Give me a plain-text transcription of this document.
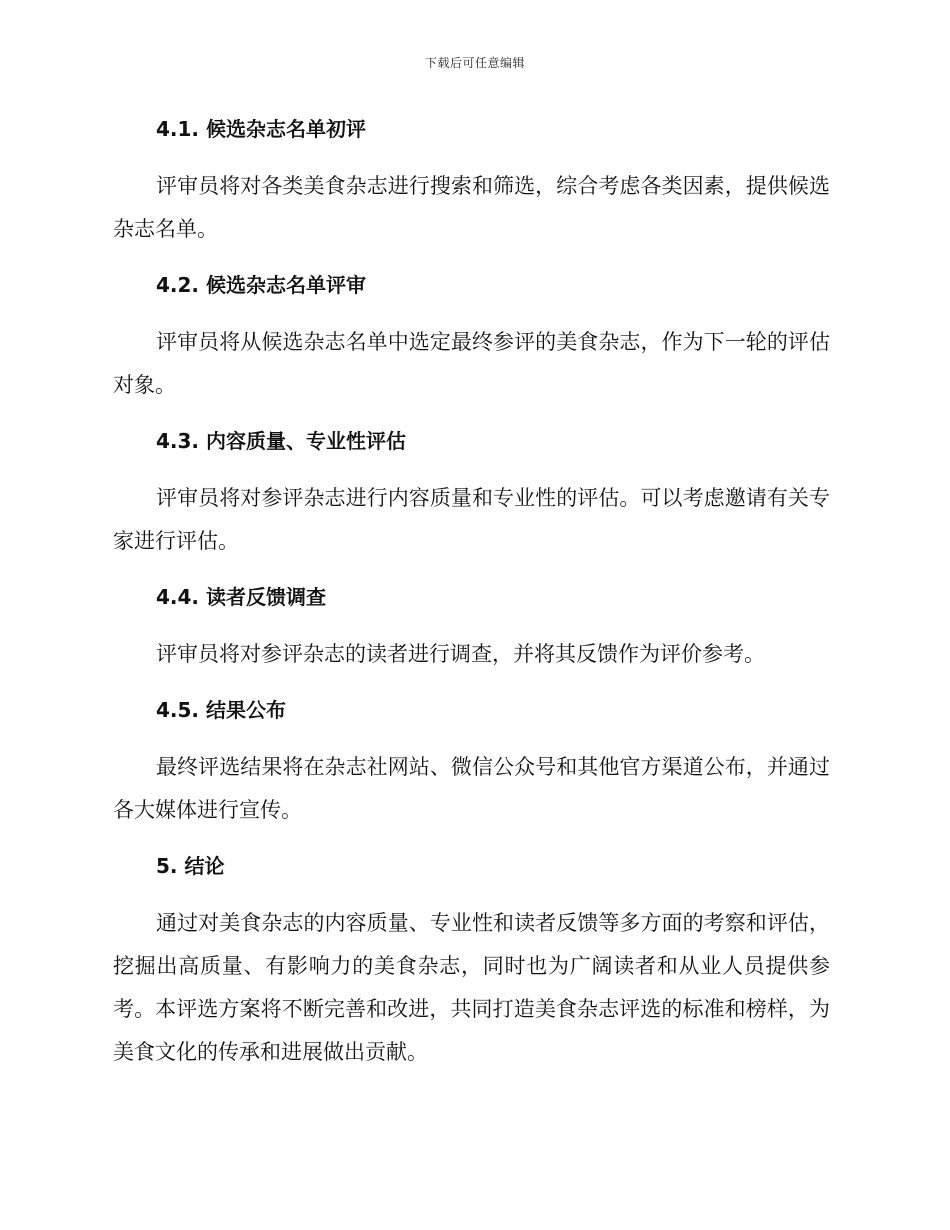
下载后可任意编辑
4.1. 候选杂志名单初评

评审员将对各类美食杂志进行搜索和筛选，综合考虑各类因素，提供候选杂志名单。

4.2. 候选杂志名单评审

评审员将从候选杂志名单中选定最终参评的美食杂志，作为下一轮的评估对象。

4.3. 内容质量、专业性评估

评审员将对参评杂志进行内容质量和专业性的评估。可以考虑邀请有关专家进行评估。

4.4. 读者反馈调查

评审员将对参评杂志的读者进行调查，并将其反馈作为评价参考。

4.5. 结果公布

最终评选结果将在杂志社网站、微信公众号和其他官方渠道公布，并通过各大媒体进行宣传。

5. 结论

通过对美食杂志的内容质量、专业性和读者反馈等多方面的考察和评估，挖掘出高质量、有影响力的美食杂志，同时也为广阔读者和从业人员提供参考。本评选方案将不断完善和改进，共同打造美食杂志评选的标准和榜样，为美食文化的传承和进展做出贡献。
